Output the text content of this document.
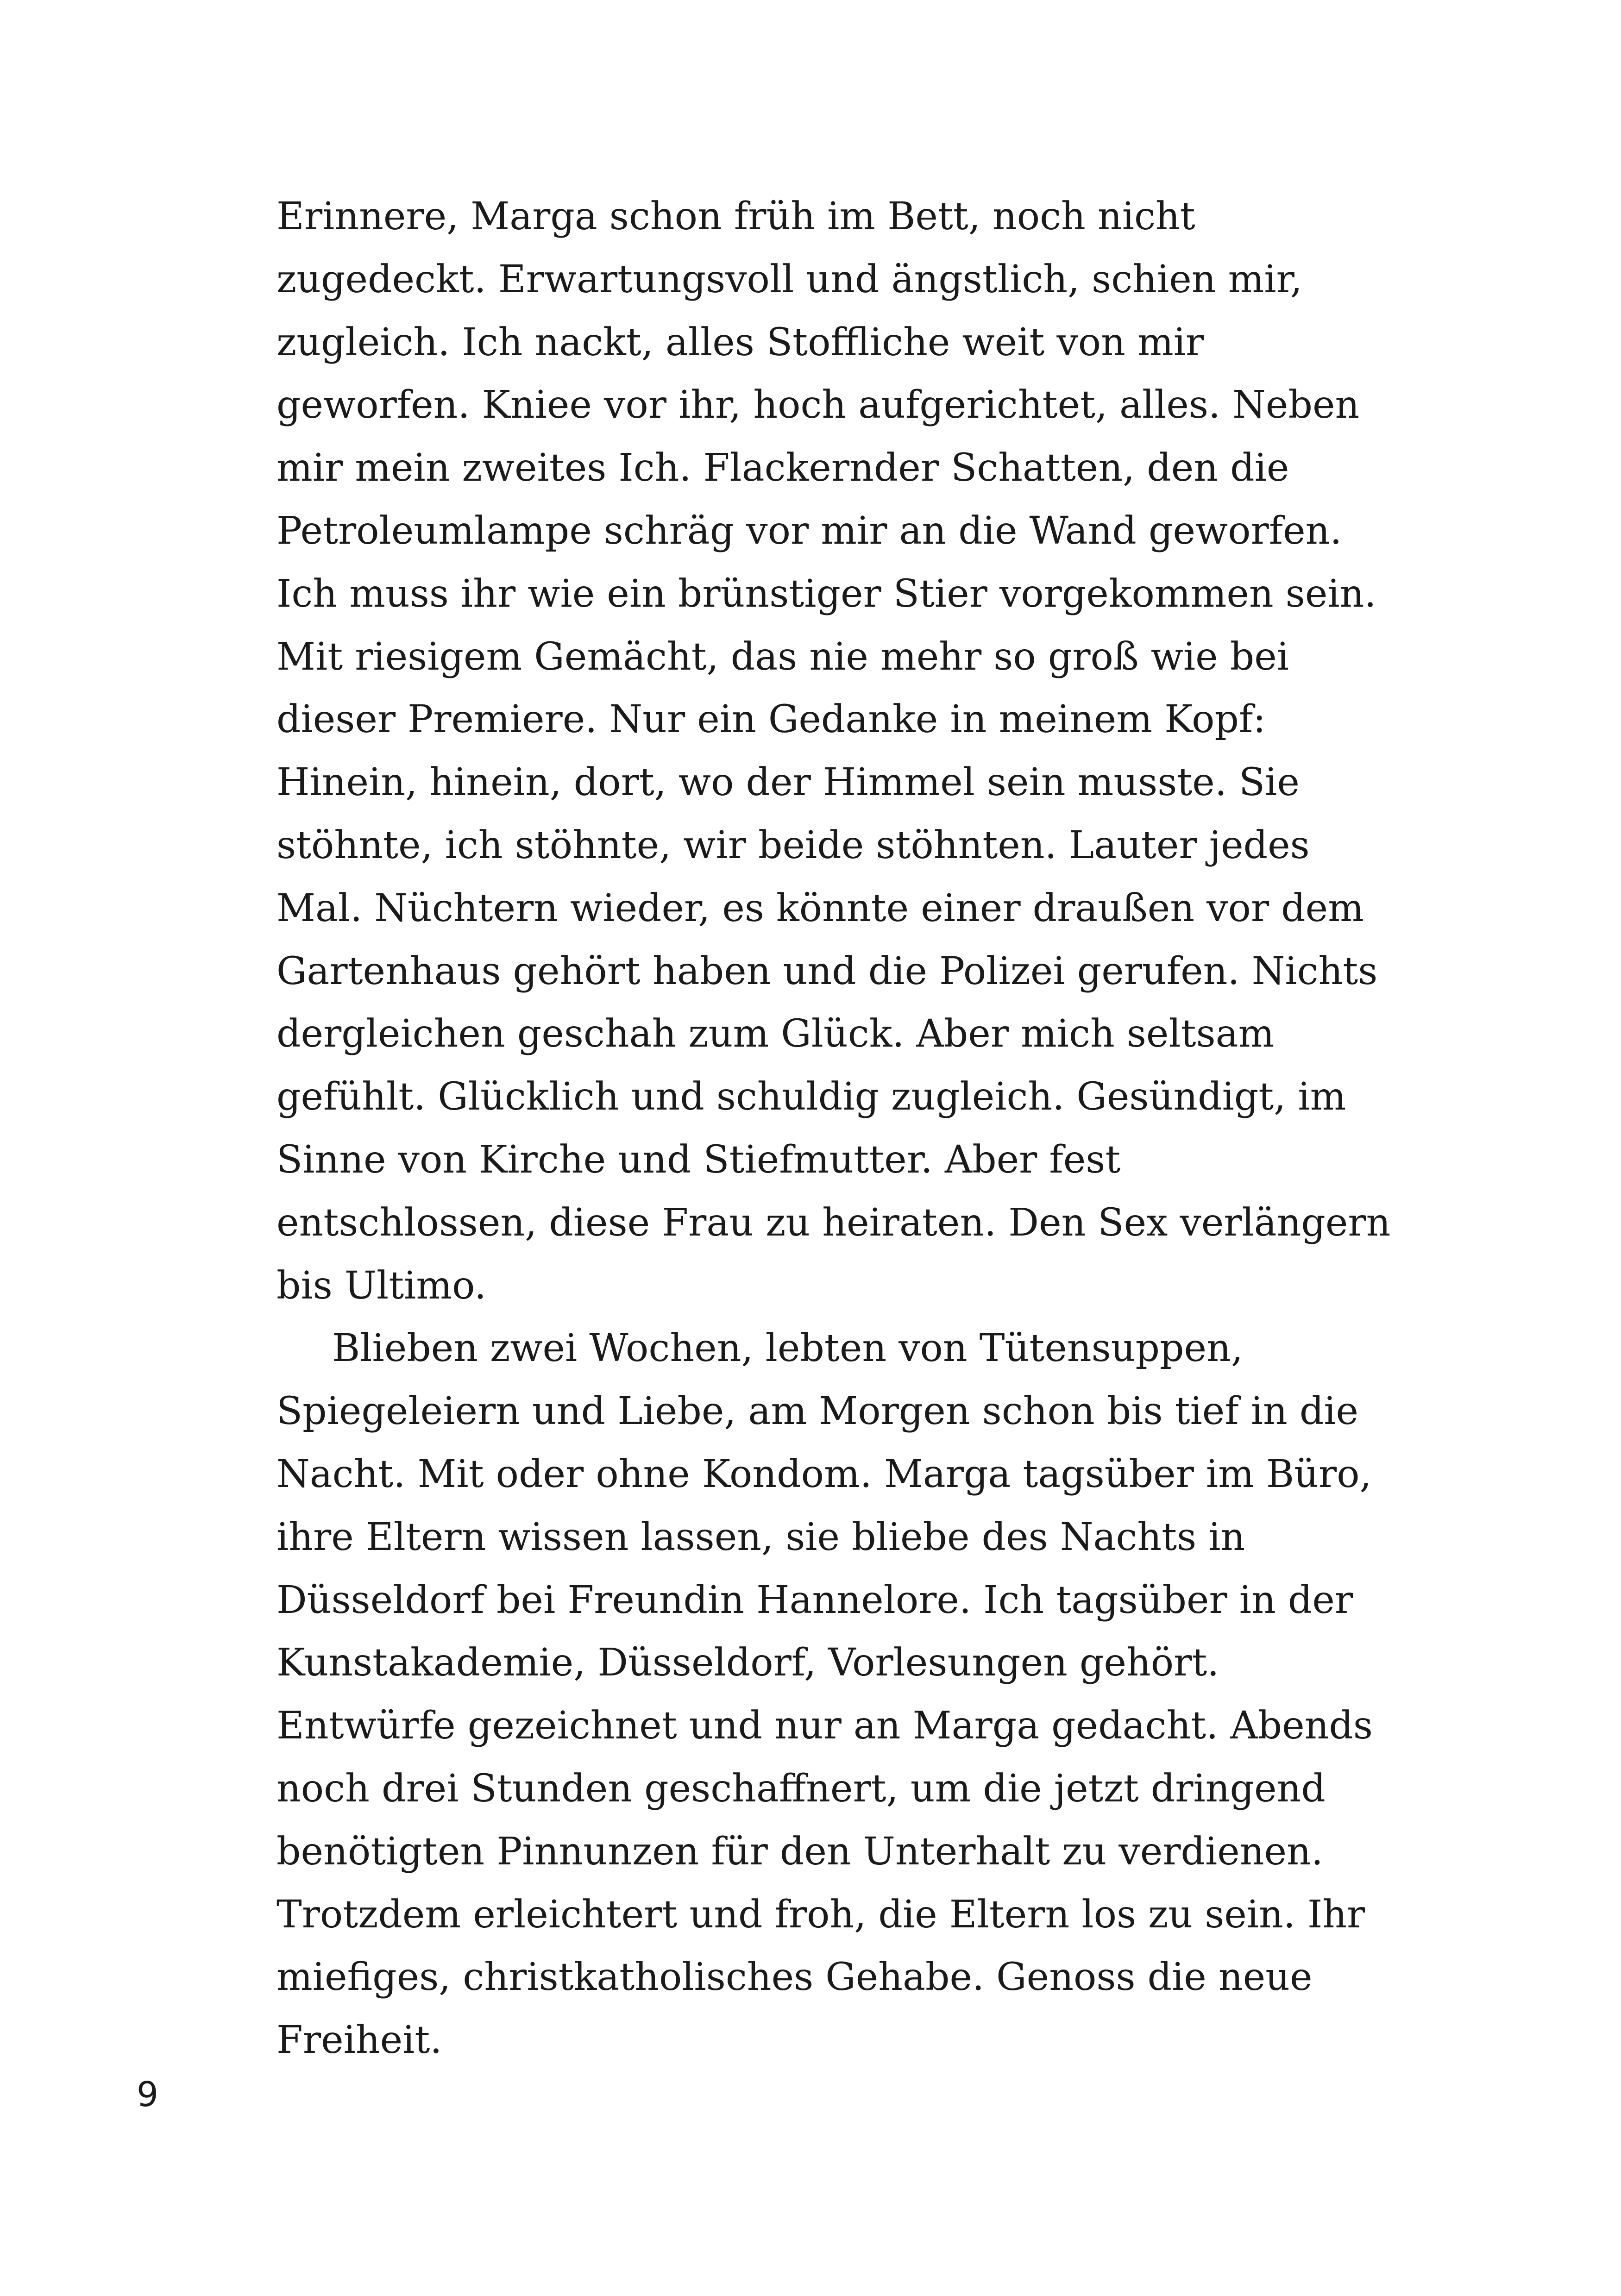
Erinnere, Marga schon früh im Bett, noch nicht
zugedeckt. Erwartungsvoll und ängstlich, schien mir,
zugleich. Ich nackt, alles Stoffliche weit von mir
geworfen. Kniee vor ihr, hoch aufgerichtet, alles. Neben
mir mein zweites Ich. Flackernder Schatten, den die
Petroleumlampe schräg vor mir an die Wand geworfen.
Ich muss ihr wie ein brünstiger Stier vorgekommen sein.
Mit riesigem Gemächt, das nie mehr so groß wie bei
dieser Premiere. Nur ein Gedanke in meinem Kopf:
Hinein, hinein, dort, wo der Himmel sein musste. Sie
stöhnte, ich stöhnte, wir beide stöhnten. Lauter jedes
Mal. Nüchtern wieder, es könnte einer draußen vor dem
Gartenhaus gehört haben und die Polizei gerufen. Nichts
dergleichen geschah zum Glück. Aber mich seltsam
gefühlt. Glücklich und schuldig zugleich. Gesündigt, im
Sinne von Kirche und Stiefmutter. Aber fest
entschlossen, diese Frau zu heiraten. Den Sex verlängern
bis Ultimo.
Blieben zwei Wochen, lebten von Tütensuppen,
Spiegeleiern und Liebe, am Morgen schon bis tief in die
Nacht. Mit oder ohne Kondom. Marga tagsüber im Büro,
ihre Eltern wissen lassen, sie bliebe des Nachts in
Düsseldorf bei Freundin Hannelore. Ich tagsüber in der
Kunstakademie, Düsseldorf, Vorlesungen gehört.
Entwürfe gezeichnet und nur an Marga gedacht. Abends
noch drei Stunden geschaffnert, um die jetzt dringend
benötigten Pinnunzen für den Unterhalt zu verdienen.
Trotzdem erleichtert und froh, die Eltern los zu sein. Ihr
miefiges, christkatholisches Gehabe. Genoss die neue
Freiheit.
9
